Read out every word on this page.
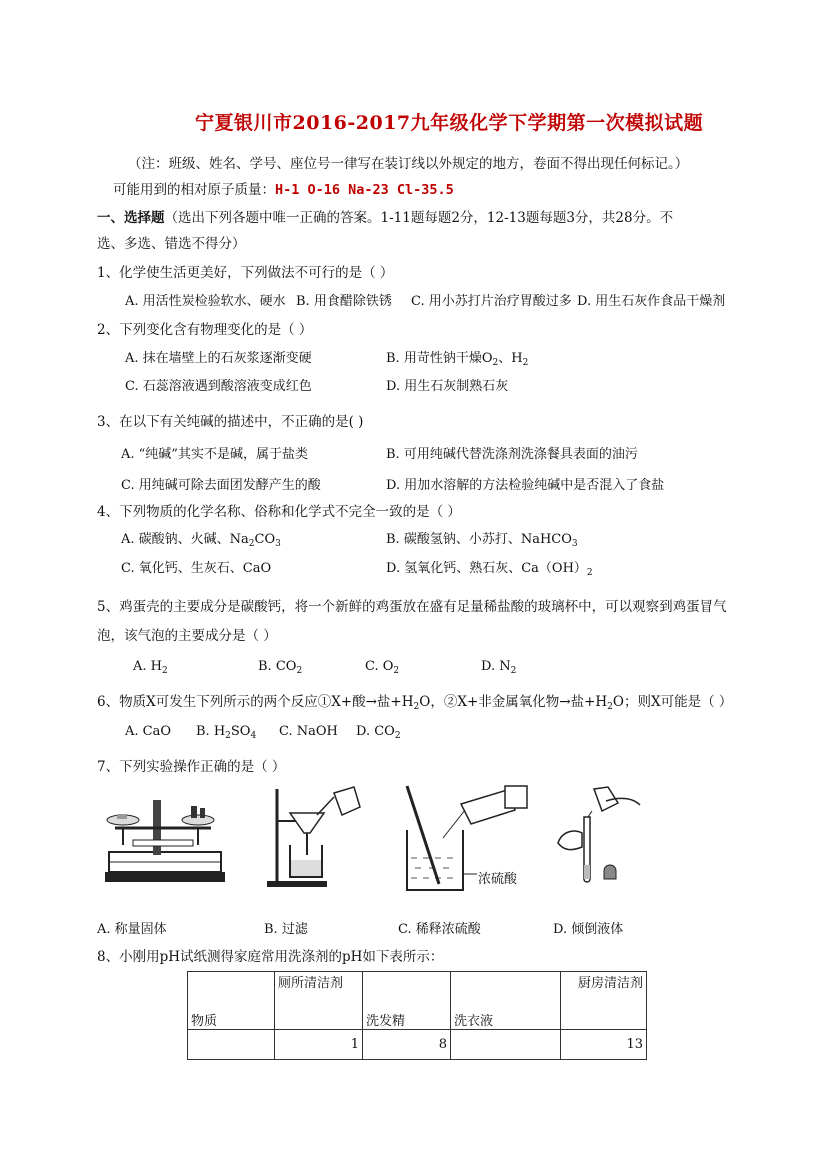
宁夏银川市2016-2017九年级化学下学期第一次模拟试题
（注：班级、姓名、学号、座位号一律写在装订线以外规定的地方，卷面不得出现任何标记。）
可能用到的相对原子质量：H-1 O-16 Na-23 Cl-35.5
一、选择题（选出下列各题中唯一正确的答案。1-11题每题2分，12-13题每题3分，共28分。不
选、多选、错选不得分）
1、化学使生活更美好，下列做法不可行的是（ ）
A. 用活性炭检验软水、硬水 B. 用食醋除铁锈 C. 用小苏打片治疗胃酸过多 D. 用生石灰作食品干燥剂
2、下列变化含有物理变化的是（ ）
A. 抹在墙壁上的石灰浆逐渐变硬	B. 用苛性钠干燥$O_2$、$H_2$
C. 石蕊溶液遇到酸溶液变成红色	D. 用生石灰制熟石灰
3、在以下有关纯碱的描述中，不正确的是( )
A. “纯碱”其实不是碱，属于盐类	B. 可用纯碱代替洗涤剂洗涤餐具表面的油污
C. 用纯碱可除去面团发酵产生的酸	D. 用加水溶解的方法检验纯碱中是否混入了食盐
4、下列物质的化学名称、俗称和化学式不完全一致的是（ ）
A. 碳酸钠、火碱、$Na_2CO_3$	B. 碳酸氢钠、小苏打、NaHCO$_3$
C. 氧化钙、生灰石、CaO	D. 氢氧化钙、熟石灰、$Ca(OH)_2$
5、鸡蛋壳的主要成分是碳酸钙，将一个新鲜的鸡蛋放在盛有足量稀盐酸的玻璃杯中，可以观察到鸡蛋冒气
泡，该气泡的主要成分是（ ）
A. $H_2$	B. $CO_2$	C. $O_2$	D. $N_2$
6、物质X可发生下列所示的两个反应①X+酸→盐$+H_2O$，②X+非金属氧化物→盐$+H_2O$；则X可能是（ ）
A. CaO B. $H_2SO_4$ C. NaOH D. $CO_2$
7、下列实验操作正确的是（ ）
浓硫酸
A. 称量固体	B. 过滤	C. 稀释浓硫酸	D. 倾倒液体
8、小刚用pH试纸测得家庭常用洗涤剂的pH如下表所示：
物质	厕所清洁剂	洗发精	洗衣液	厨房清洁剂
	1	8		13
